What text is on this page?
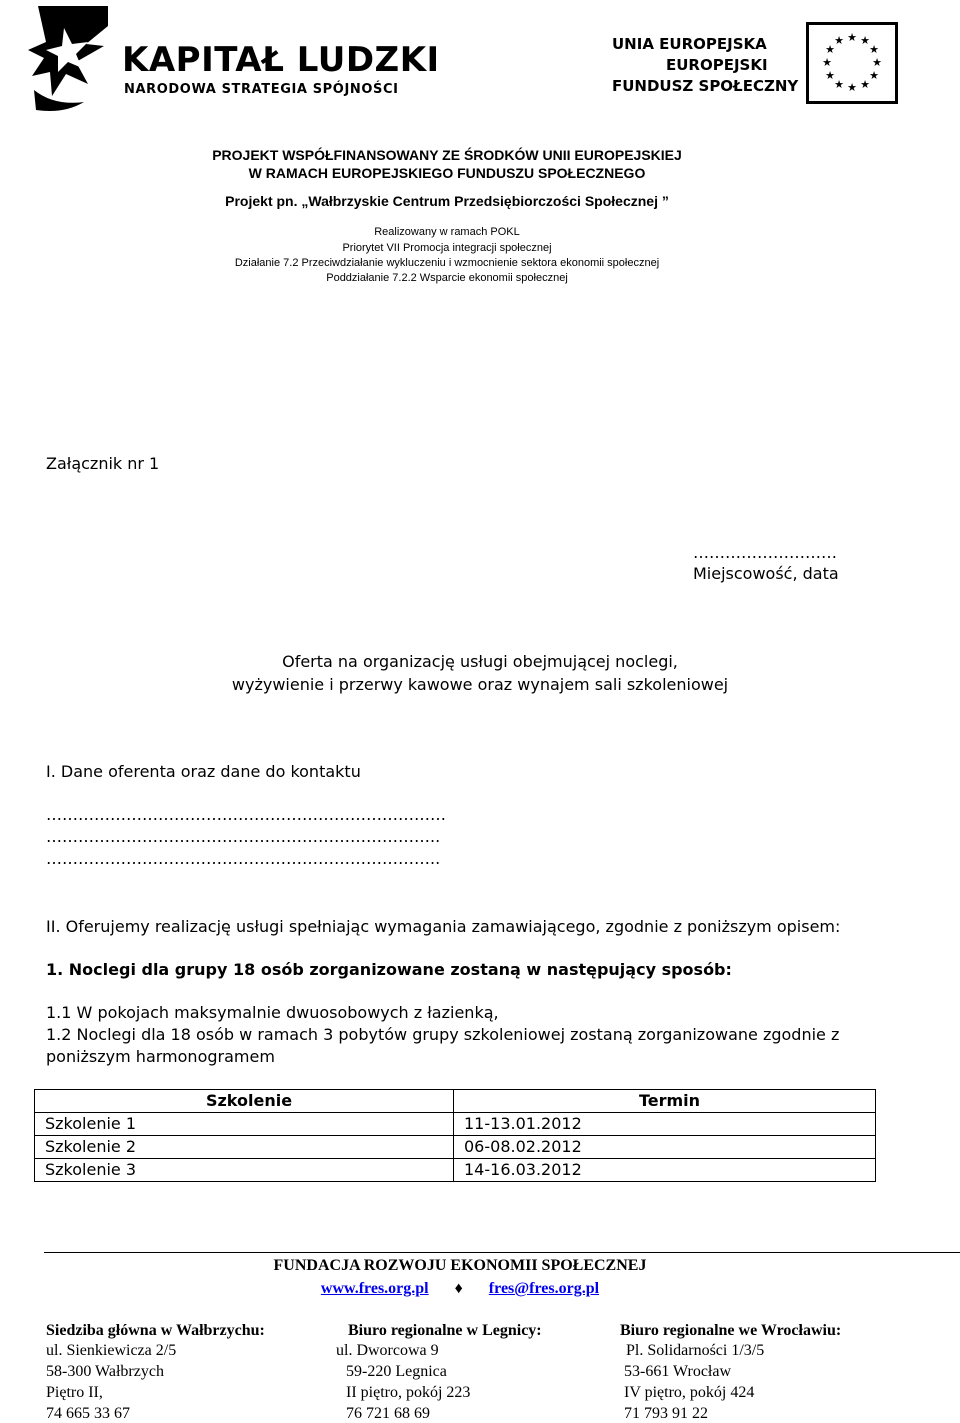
KAPITAŁ LUDZKI
NARODOWA STRATEGIA SPÓJNOŚCI
UNIA EUROPEJSKA
EUROPEJSKI
FUNDUSZ SPOŁECZNY
★ ★
★
★
★
★
★
★
★
★
★
★
PROJEKT WSPÓŁFINANSOWANY ZE ŚRODKÓW UNII EUROPEJSKIEJ
W RAMACH EUROPEJSKIEGO FUNDUSZU SPOŁECZNEGO
Projekt pn. „Wałbrzyskie Centrum Przedsiębiorczości Społecznej ”
Realizowany w ramach POKL
Priorytet VII Promocja integracji społecznej
Działanie 7.2 Przeciwdziałanie wykluczeniu i wzmocnienie sektora ekonomii społecznej
Poddziałanie 7.2.2 Wsparcie ekonomii społecznej
Załącznik nr 1
………………………
Miejscowość, data
Oferta na organizację usługi obejmującej noclegi,
wyżywienie i przerwy kawowe oraz wynajem sali szkoleniowej
I. Dane oferenta oraz dane do kontaktu
…………………………………………………………………
………………………………………………………………..
………………………………………………………………..
II. Oferujemy realizację usługi spełniając wymagania zamawiającego, zgodnie z poniższym opisem:
1. Noclegi dla grupy 18 osób zorganizowane zostaną w następujący sposób:
1.1 W pokojach maksymalnie dwuosobowych z łazienką,
1.2 Noclegi dla 18 osób w ramach 3 pobytów grupy szkoleniowej zostaną zorganizowane zgodnie z
poniższym harmonogramem
Szkolenie	Termin
Szkolenie 1	11-13.01.2012
Szkolenie 2	06-08.02.2012
Szkolenie 3	14-16.03.2012
FUNDACJA ROZWOJU EKONOMII SPOŁECZNEJ
www.fres.org.pl ♦ fres@fres.org.pl
Siedziba główna w Wałbrzychu:
ul. Sienkiewicza 2/5
58-300 Wałbrzych
Piętro II,
74 665 33 67
Biuro regionalne w Legnicy:
ul. Dworcowa 9
59-220 Legnica
II piętro, pokój 223
76 721 68 69
Biuro regionalne we Wrocławiu:
Pl. Solidarności 1/3/5
53-661 Wrocław
IV piętro, pokój 424
71 793 91 22
